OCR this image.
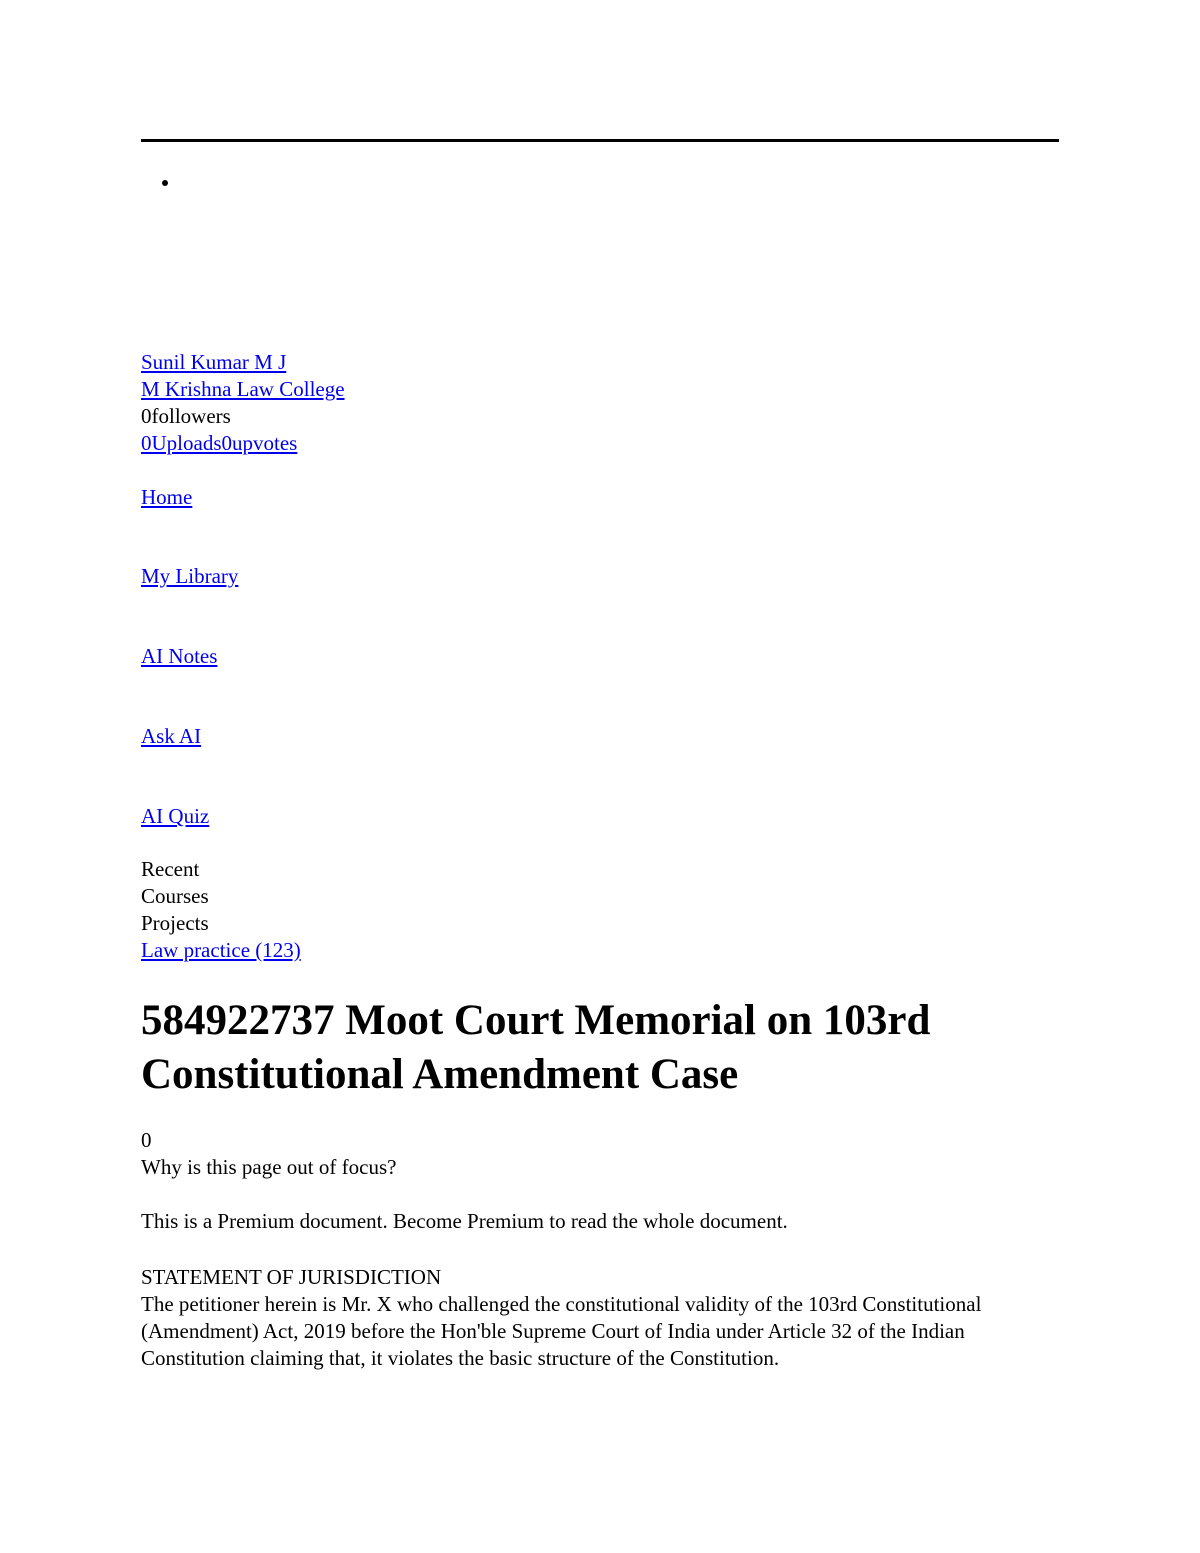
Sunil Kumar M J
M Krishna Law College
0followers
0Uploads0upvotes
Home
My Library
AI Notes
Ask AI
AI Quiz
Recent
Courses
Projects
Law practice (123)
584922737 Moot Court Memorial on 103rd Constitutional Amendment Case
0
Why is this page out of focus?
This is a Premium document. Become Premium to read the whole document.
STATEMENT OF JURISDICTION
The petitioner herein is Mr. X who challenged the constitutional validity of the 103rd Constitutional (Amendment) Act, 2019 before the Hon'ble Supreme Court of India under Article 32 of the Indian Constitution claiming that, it violates the basic structure of the Constitution.
